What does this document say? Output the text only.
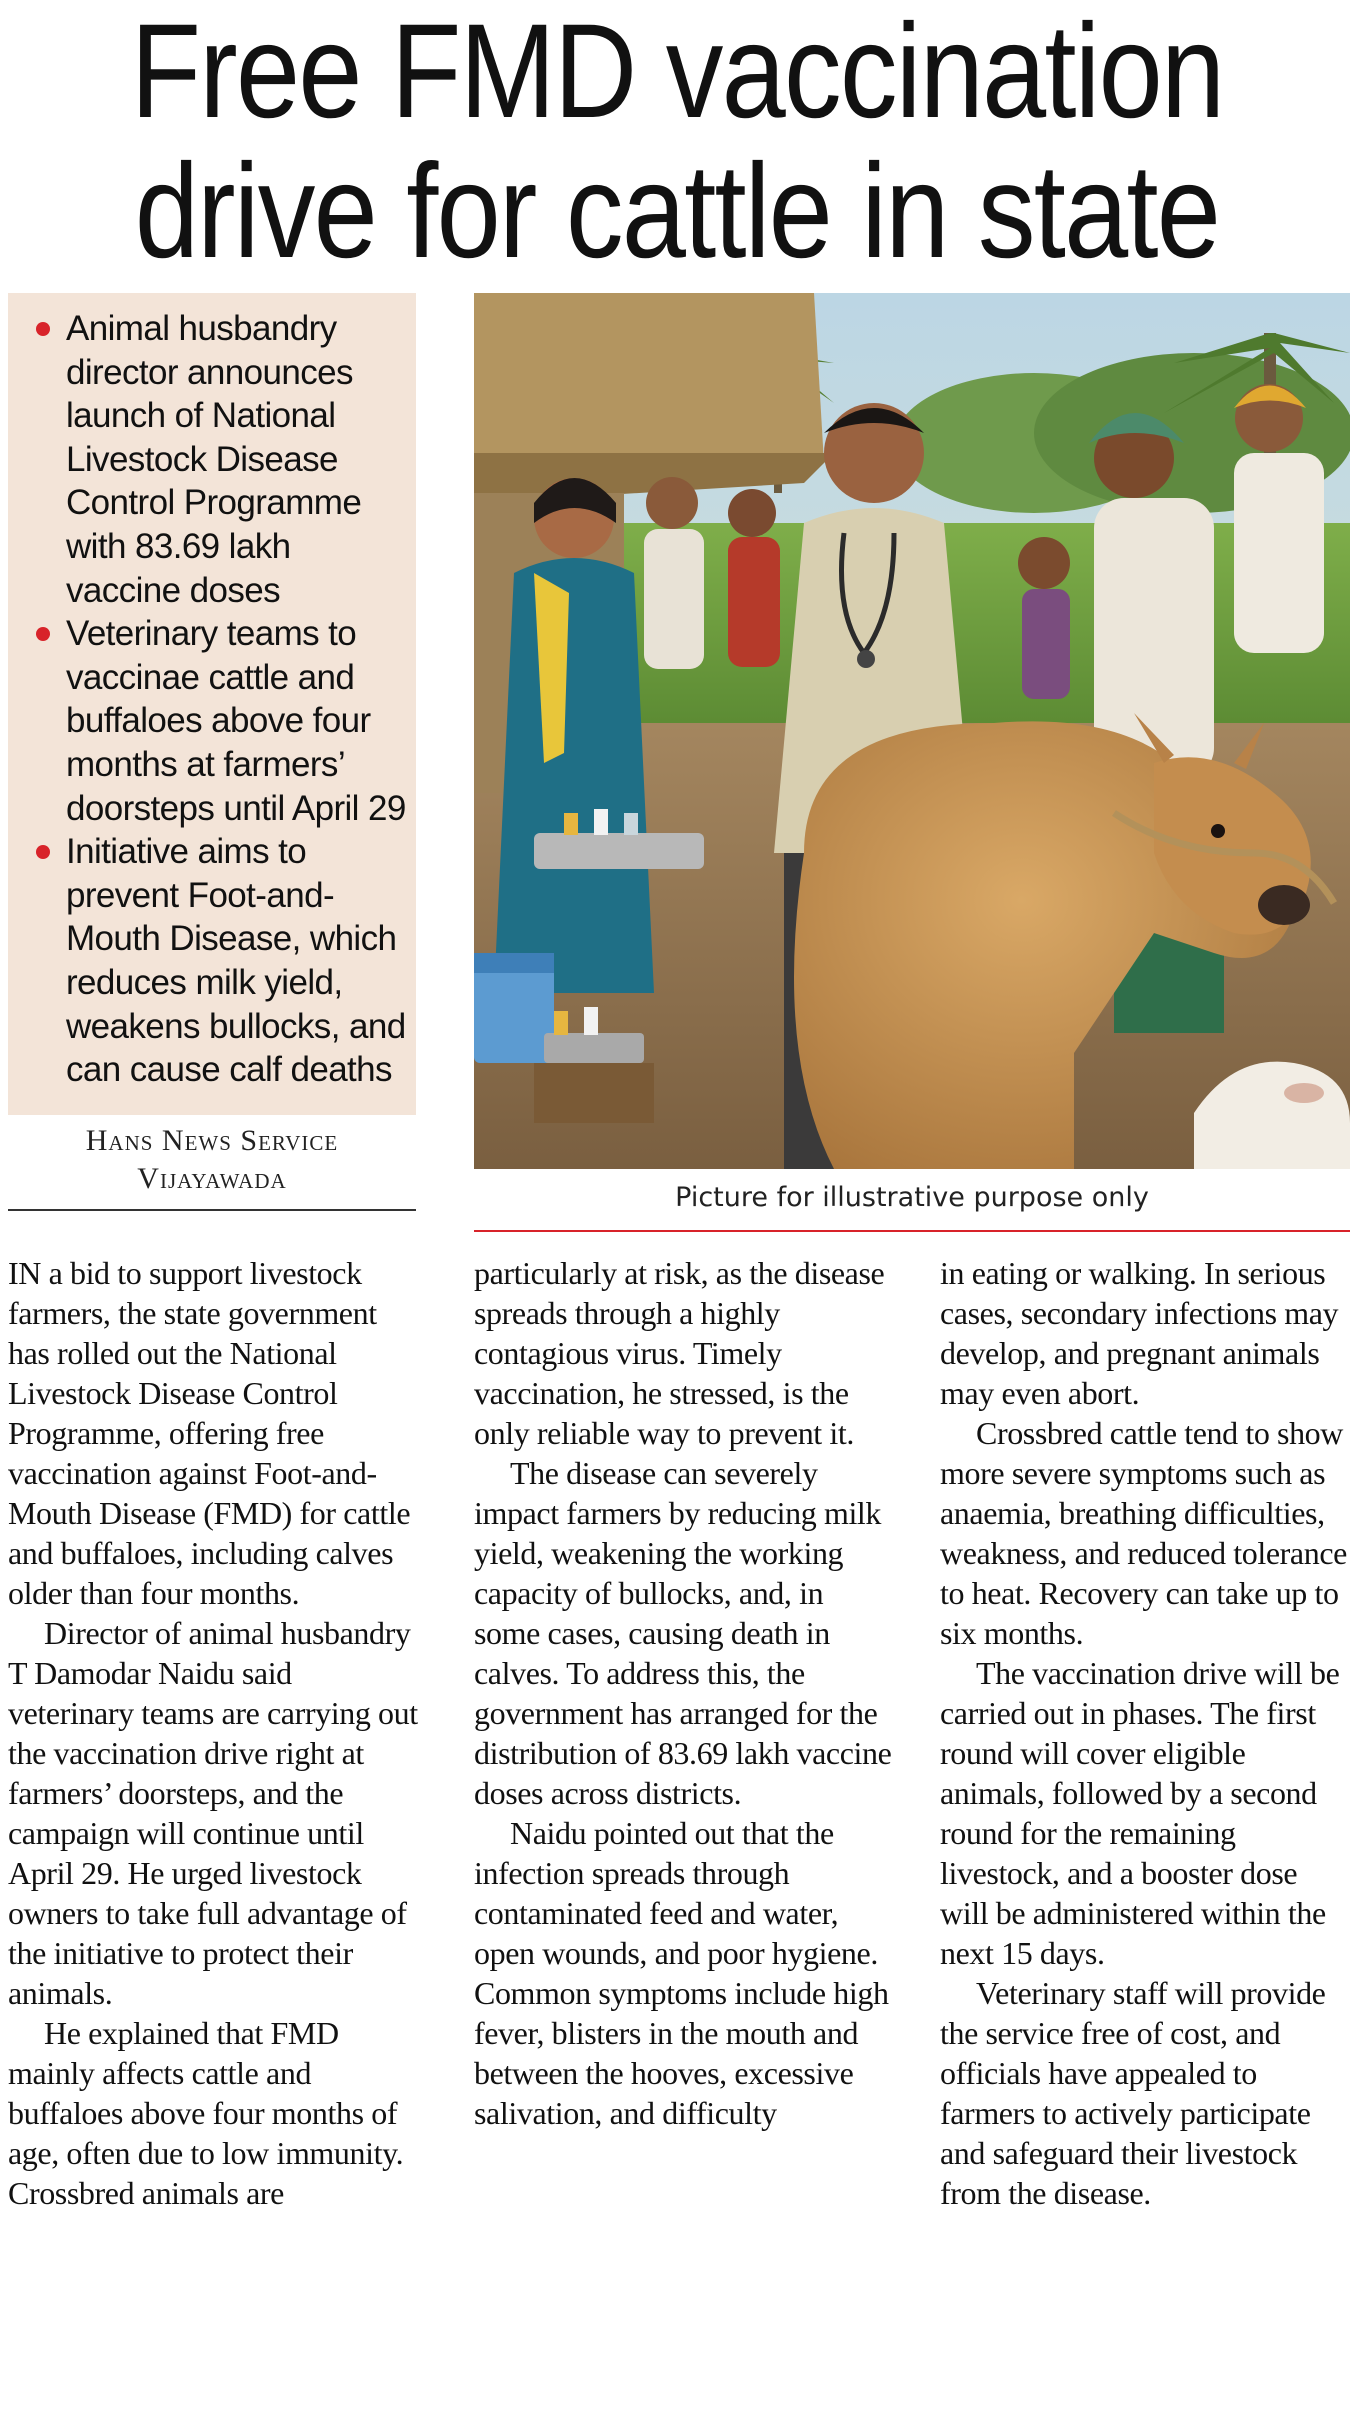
Free FMD vaccination
drive for cattle in state
Animal husbandry director announces launch of National Livestock Disease Control Programme with 83.69 lakh vaccine doses
Veterinary teams to vaccinae cattle and buffaloes above four months at farmers’ doorsteps until April 29
Initiative aims to prevent Foot-and-Mouth Disease, which reduces milk yield, weakens bullocks, and can cause calf deaths
Hans News Service
Vijayawada
Picture for illustrative purpose only

IN a bid to support livestock farmers, the state government has rolled out the National Livestock Disease Control Programme, offering free vaccination against Foot-and-Mouth Disease (FMD) for cattle and buffaloes, including calves older than four months.

Director of animal husbandry T Damodar Naidu said veterinary teams are carrying out the vaccination drive right at farmers’ doorsteps, and the campaign will continue until April 29. He urged livestock owners to take full advantage of the initiative to protect their animals.

He explained that FMD mainly affects cattle and buffaloes above four months of age, often due to low immunity. Crossbred animals are

particularly at risk, as the disease spreads through a highly contagious virus. Timely vaccination, he stressed, is the only reliable way to prevent it.

The disease can severely impact farmers by reducing milk yield, weakening the working capacity of bullocks, and, in some cases, causing death in calves. To address this, the government has arranged for the distribution of 83.69 lakh vaccine doses across districts.

Naidu pointed out that the infection spreads through contaminated feed and water, open wounds, and poor hygiene. Common symptoms include high fever, blisters in the mouth and between the hooves, excessive salivation, and difficulty

in eating or walking. In serious cases, secondary infections may develop, and pregnant animals may even abort.

Crossbred cattle tend to show more severe symptoms such as anaemia, breathing difficulties, weakness, and reduced tolerance to heat. Recovery can take up to six months.

The vaccination drive will be carried out in phases. The first round will cover eligible animals, followed by a second round for the remaining livestock, and a booster dose will be administered within the next 15 days.

Veterinary staff will provide the service free of cost, and officials have appealed to farmers to actively participate and safeguard their livestock from the disease.
